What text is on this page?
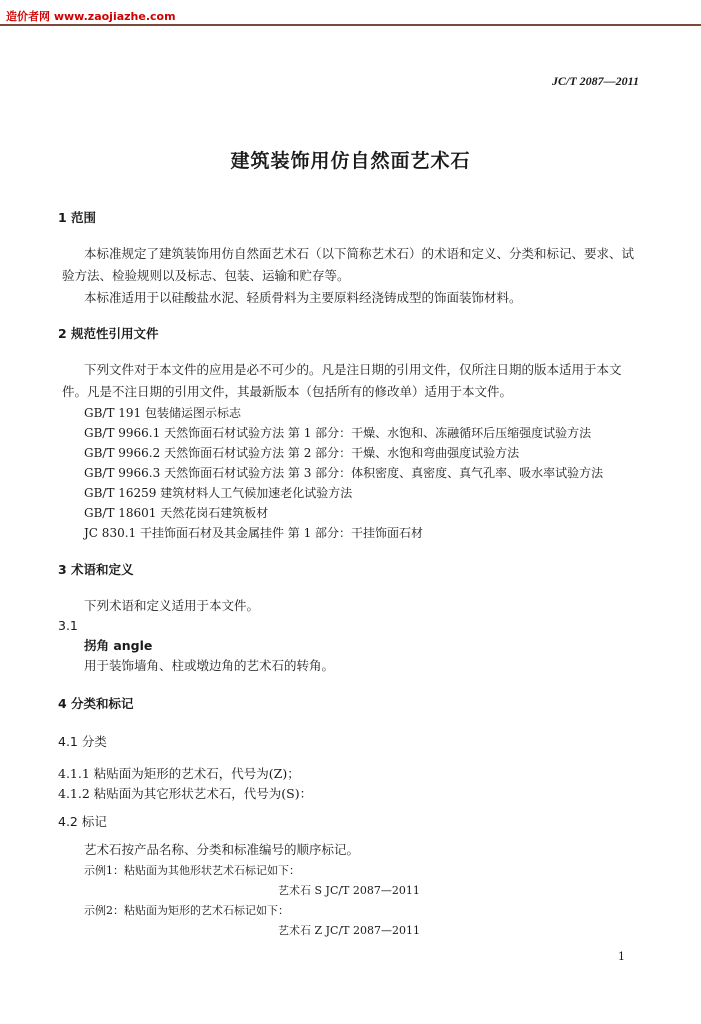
造价者网 www.zaojiazhe.com
JC/T 2087—2011
建筑装饰用仿自然面艺术石
1 范围
本标准规定了建筑装饰用仿自然面艺术石（以下简称艺术石）的术语和定义、分类和标记、要求、试
验方法、检验规则以及标志、包装、运输和贮存等。
本标准适用于以硅酸盐水泥、轻质骨料为主要原料经浇铸成型的饰面装饰材料。
2 规范性引用文件
下列文件对于本文件的应用是必不可少的。凡是注日期的引用文件，仅所注日期的版本适用于本文
件。凡是不注日期的引用文件，其最新版本（包括所有的修改单）适用于本文件。
GB/T 191 包装储运图示标志
GB/T 9966.1 天然饰面石材试验方法 第 1 部分：干燥、水饱和、冻融循环后压缩强度试验方法
GB/T 9966.2 天然饰面石材试验方法 第 2 部分：干燥、水饱和弯曲强度试验方法
GB/T 9966.3 天然饰面石材试验方法 第 3 部分：体积密度、真密度、真气孔率、吸水率试验方法
GB/T 16259 建筑材料人工气候加速老化试验方法
GB/T 18601 天然花岗石建筑板材
JC 830.1 干挂饰面石材及其金属挂件 第 1 部分：干挂饰面石材
3 术语和定义
下列术语和定义适用于本文件。
3.1
拐角 angle
用于装饰墙角、柱或墩边角的艺术石的转角。
4 分类和标记
4.1 分类
4.1.1 粘贴面为矩形的艺术石，代号为(Z)；
4.1.2 粘贴面为其它形状艺术石，代号为(S)：
4.2 标记
艺术石按产品名称、分类和标准编号的顺序标记。
示例1：粘贴面为其他形状艺术石标记如下：
艺术石 S JC/T 2087—2011
示例2：粘贴面为矩形的艺术石标记如下：
艺术石 Z JC/T 2087—2011
1
